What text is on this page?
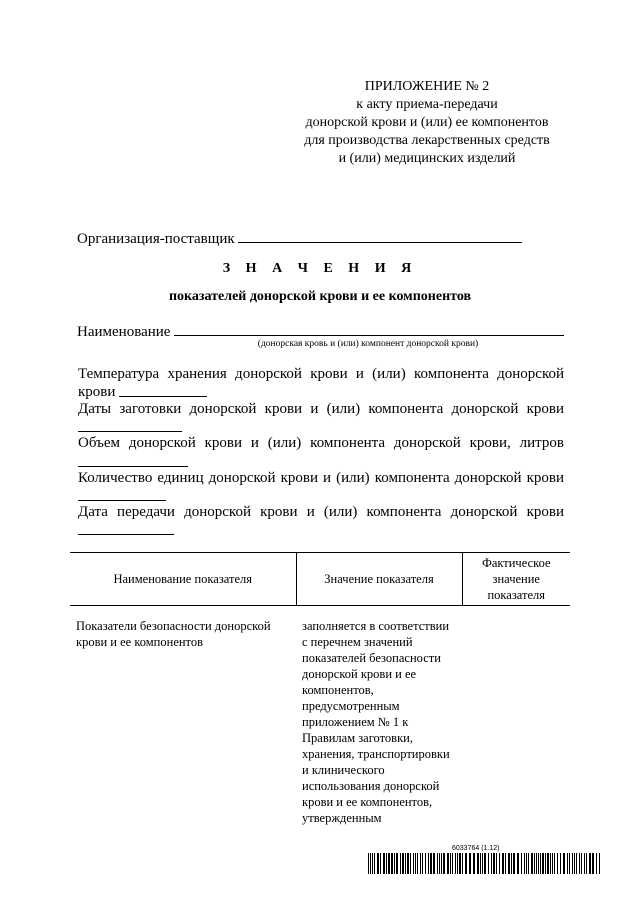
ПРИЛОЖЕНИЕ № 2
к акту приема-передачи
донорской крови и (или) ее компонентов
для производства лекарственных средств
и (или) медицинских изделий
Организация-поставщик
З Н А Ч Е Н И Я
показателей донорской крови и ее компонентов
Наименование
(донорская кровь и (или) компонент донорской крови)
Температура хранения донорской крови и (или) компонента донорской крови
Даты заготовки донорской крови и (или) компонента донорской крови
Объем донорской крови и (или) компонента донорской крови, литров
Количество единиц донорской крови и (или) компонента донорской крови
Дата передачи донорской крови и (или) компонента донорской крови
Наименование показателя	Значение показателя	Фактическое значение показателя
Показатели безопасности донорской крови и ее компонентов	заполняется в соответствии с перечнем значений показателей безопасности донорской крови и ее компонентов, предусмотренным приложением № 1 к Правилам заготовки, хранения, транспортировки и клинического использования донорской крови и ее компонентов, утвержденным	
6033764 (1.12)
